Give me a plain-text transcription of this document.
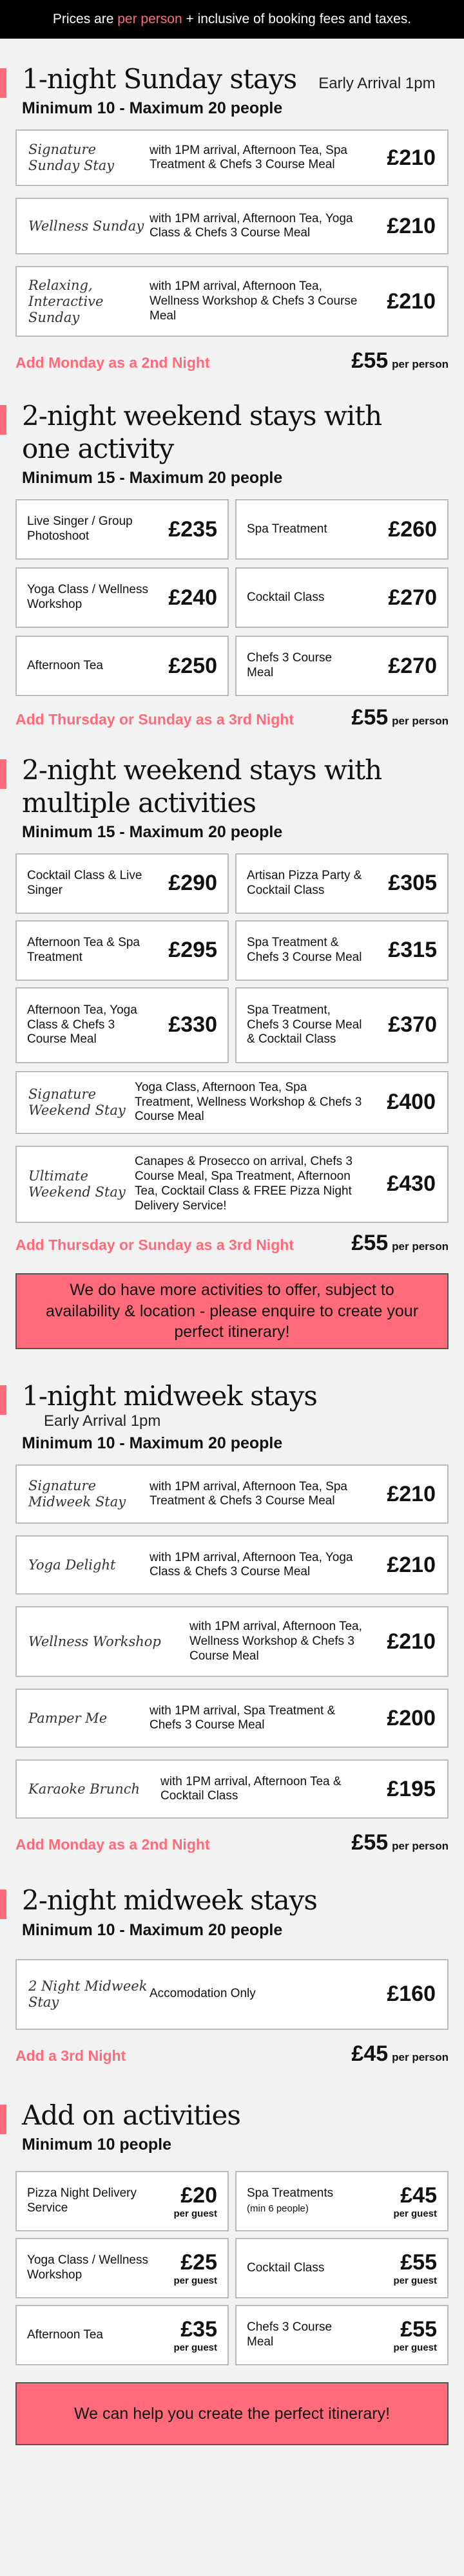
Prices are
per person
+ inclusive of booking fees and taxes.
1-night Sunday stays Early Arrival 1pm
Minimum 10 - Maximum 20 people
Signature Sunday Stay
with 1PM arrival, Afternoon Tea, Spa Treatment & Chefs 3 Course Meal	£210
Wellness Sunday with 1PM arrival, Afternoon Tea, Yoga Class & Chefs 3 Course Meal	£210
Relaxing, Interactive Sunday
with 1PM arrival, Afternoon Tea, Wellness Workshop & Chefs 3 Course Meal
£210
Add Monday as a 2nd Night	£55 per person
2-night weekend stays with one activity
Minimum 15 - Maximum 20 people
Live Singer / Group Photoshoot	£235 Spa Treatment	£260
Yoga Class / Wellness Workshop	£240 Cocktail Class	£270
Afternoon Tea	£250 Chefs 3 Course Meal	£270
Add Thursday or Sunday as a 3rd Night	£55 per person
2-night weekend stays with multiple activities
Minimum 15 - Maximum 20 people
Cocktail Class & Live Singer	£290 Artisan Pizza Party & Cocktail Class	£305
Afternoon Tea & Spa Treatment	£295 Spa Treatment & Chefs 3 Course Meal £315
Afternoon Tea, Yoga Class & Chefs 3 Course Meal
£330
Spa Treatment, Chefs 3 Course Meal & Cocktail Class
£370
Signature Weekend Stay
Yoga Class, Afternoon Tea, Spa Treatment, Wellness Workshop & Chefs 3 Course Meal
£400
Ultimate Weekend Stay
Canapes & Prosecco on arrival, Chefs 3 Course Meal, Spa Treatment, Afternoon Tea, Cocktail Class & FREE Pizza Night Delivery Service!
£430
Add Thursday or Sunday as a 3rd Night	£55 per person
We do have more activities to offer, subject to availability & location - please enquire to create your perfect itinerary!
1-night midweek stays
Early Arrival 1pm
Minimum 10 - Maximum 20 people
Signature Midweek Stay
with 1PM arrival, Afternoon Tea, Spa Treatment & Chefs 3 Course Meal	£210
Yoga Delight	with 1PM arrival, Afternoon Tea, Yoga Class & Chefs 3 Course Meal	£210
Wellness Workshop
with 1PM arrival, Afternoon Tea, Wellness Workshop & Chefs 3 Course Meal
£210
Pamper Me	with 1PM arrival, Spa Treatment & Chefs 3 Course Meal	£200
Karaoke Brunch	with 1PM arrival, Afternoon Tea & Cocktail Class	£195
Add Monday as a 2nd Night	£55 per person
2-night midweek stays
Minimum 10 - Maximum 20 people
2 Night Midweek Stay
Accomodation Only	£160
Add a 3rd Night	£45 per person
Add on activities
Minimum 10 people
Pizza Night Delivery Service
£20
per guest
Spa Treatments
(min 6 people)
£45
per guest
Yoga Class / Wellness Workshop
£25
per guest
Cocktail Class	£55
per guest
Afternoon Tea	£35
per guest
Chefs 3 Course Meal
£55
per guest
We can help you create the perfect itinerary!
